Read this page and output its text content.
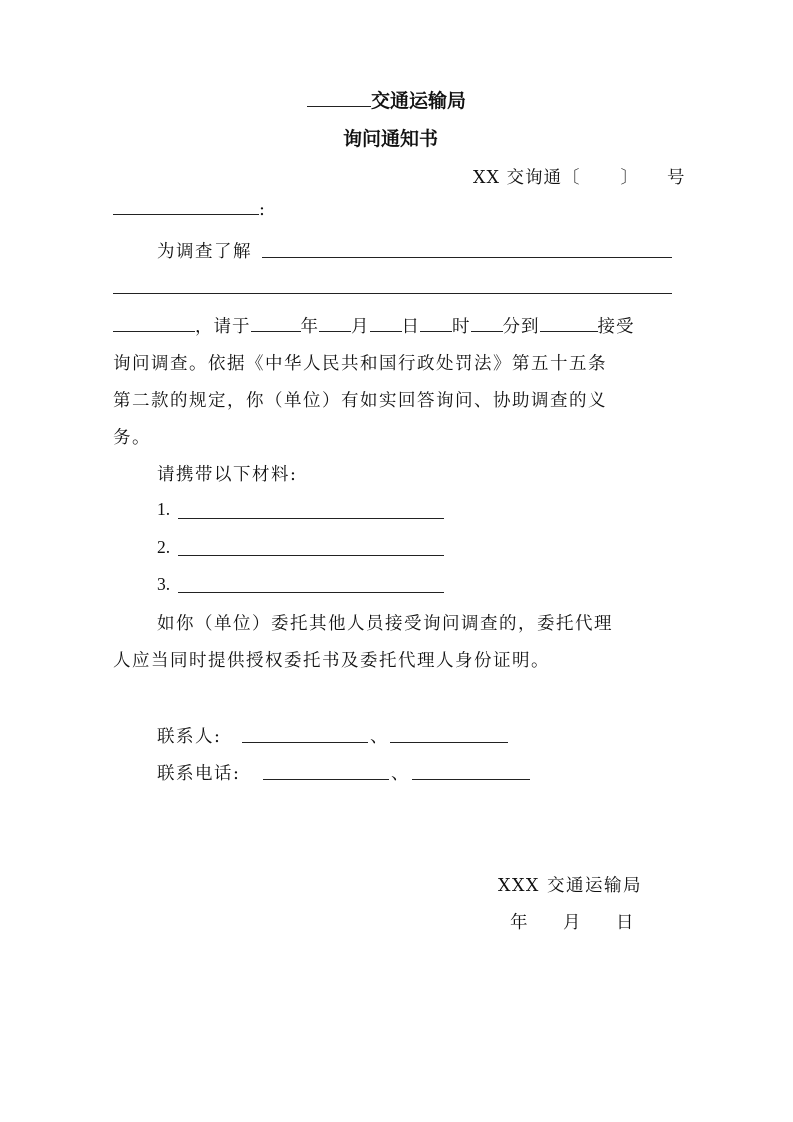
交通运输局
询问通知书
XX 交询通〔 〕 号
:
为调查了解
，请于	年 月 日 时 分到	接受
询问调查。依据《中华人民共和国行政处罚法》第五十五条
第二款的规定，你（单位）有如实回答询问、协助调查的义
务。
请携带以下材料:
1.
2.
3.
如你（单位）委托其他人员接受询问调查的，委托代理
人应当同时提供授权委托书及委托代理人身份证明。
联系人:	、
联系电话:	、
XXX 交通运输局
年 月 日
